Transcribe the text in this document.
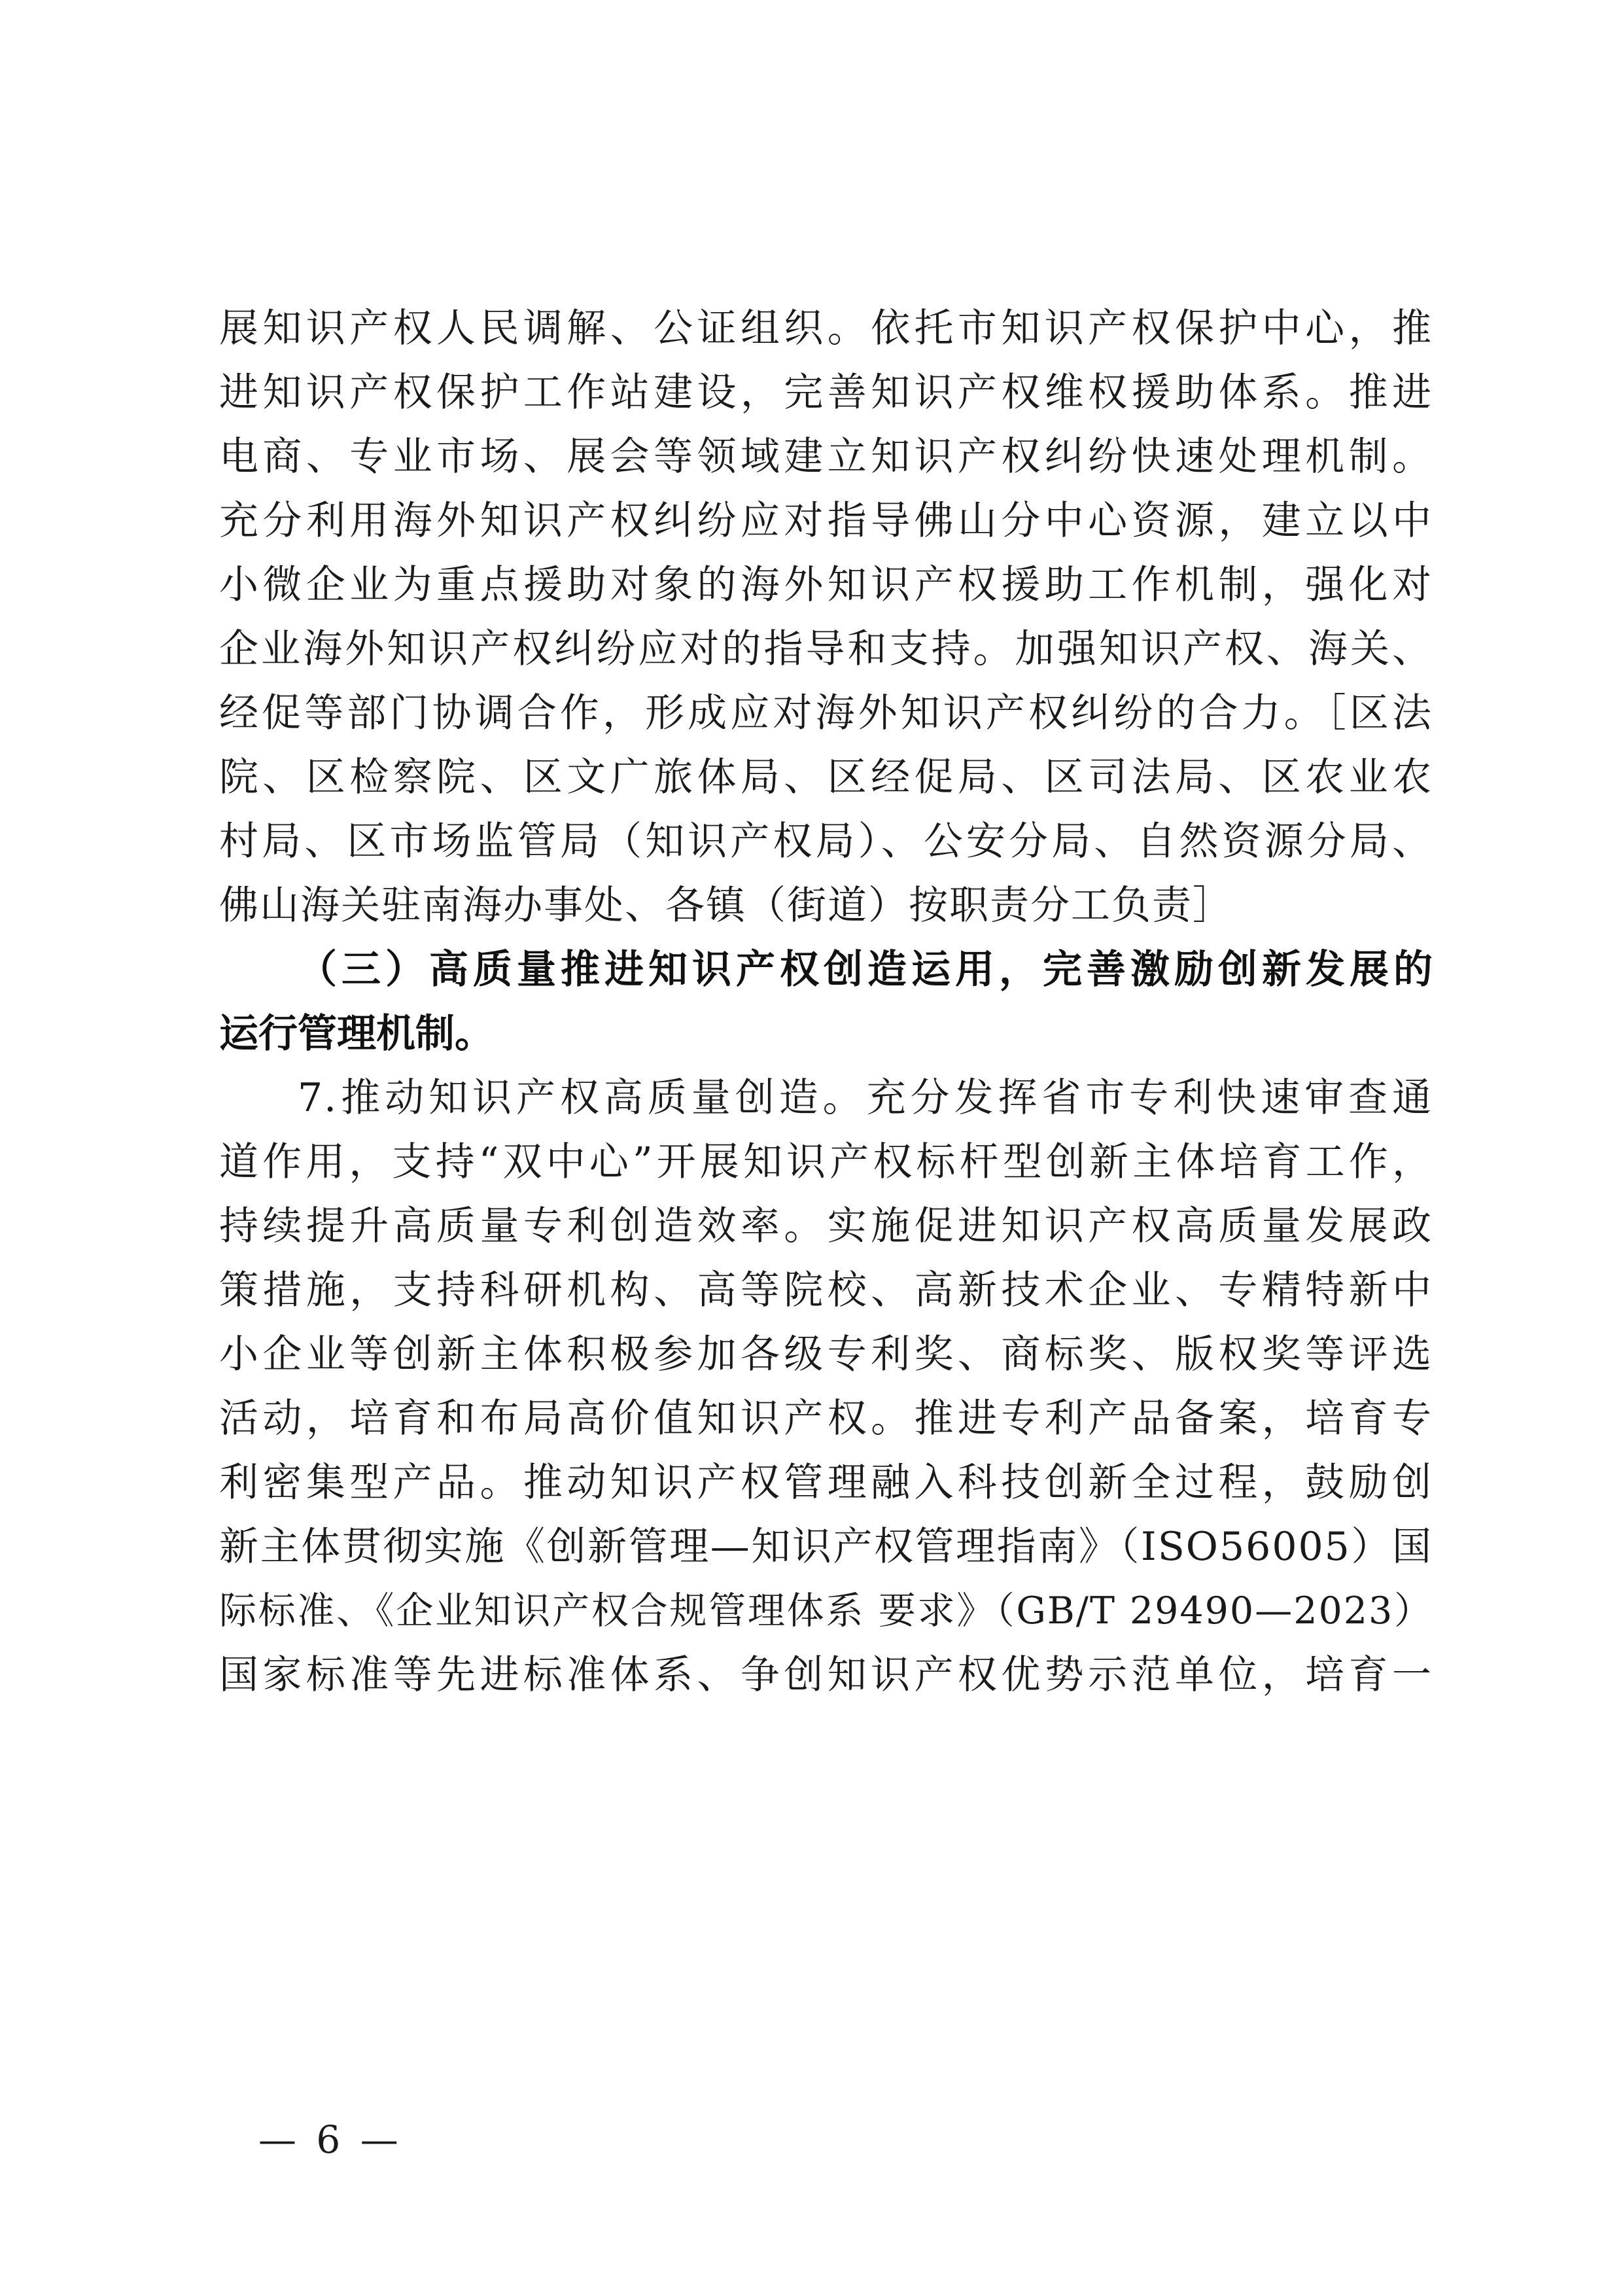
展知识产权人民调解、公证组织。依托市知识产权保护中心，推
进知识产权保护工作站建设，完善知识产权维权援助体系。推进
电商、专业市场、展会等领域建立知识产权纠纷快速处理机制。
充分利用海外知识产权纠纷应对指导佛山分中心资源，建立以中
小微企业为重点援助对象的海外知识产权援助工作机制，强化对
企业海外知识产权纠纷应对的指导和支持。加强知识产权、海关、
经促等部门协调合作，形成应对海外知识产权纠纷的合力。［区法
院、区检察院、区文广旅体局、区经促局、区司法局、区农业农
村局、区市场监管局（知识产权局）、公安分局、自然资源分局、
佛山海关驻南海办事处、各镇（街道）按职责分工负责］
（三）高质量推进知识产权创造运用，完善激励创新发展的
运行管理机制。
7.推动知识产权高质量创造。充分发挥省市专利快速审查通
道作用，支持“双中心”开展知识产权标杆型创新主体培育工作，
持续提升高质量专利创造效率。实施促进知识产权高质量发展政
策措施，支持科研机构、高等院校、高新技术企业、专精特新中
小企业等创新主体积极参加各级专利奖、商标奖、版权奖等评选
活动，培育和布局高价值知识产权。推进专利产品备案，培育专
利密集型产品。推动知识产权管理融入科技创新全过程，鼓励创
新主体贯彻实施《创新管理—知识产权管理指南》（ISO56005）国
际标准、《企业知识产权合规管理体系 要求》（GB/T 29490—2023）
国家标准等先进标准体系、争创知识产权优势示范单位，培育一
— 6 —
